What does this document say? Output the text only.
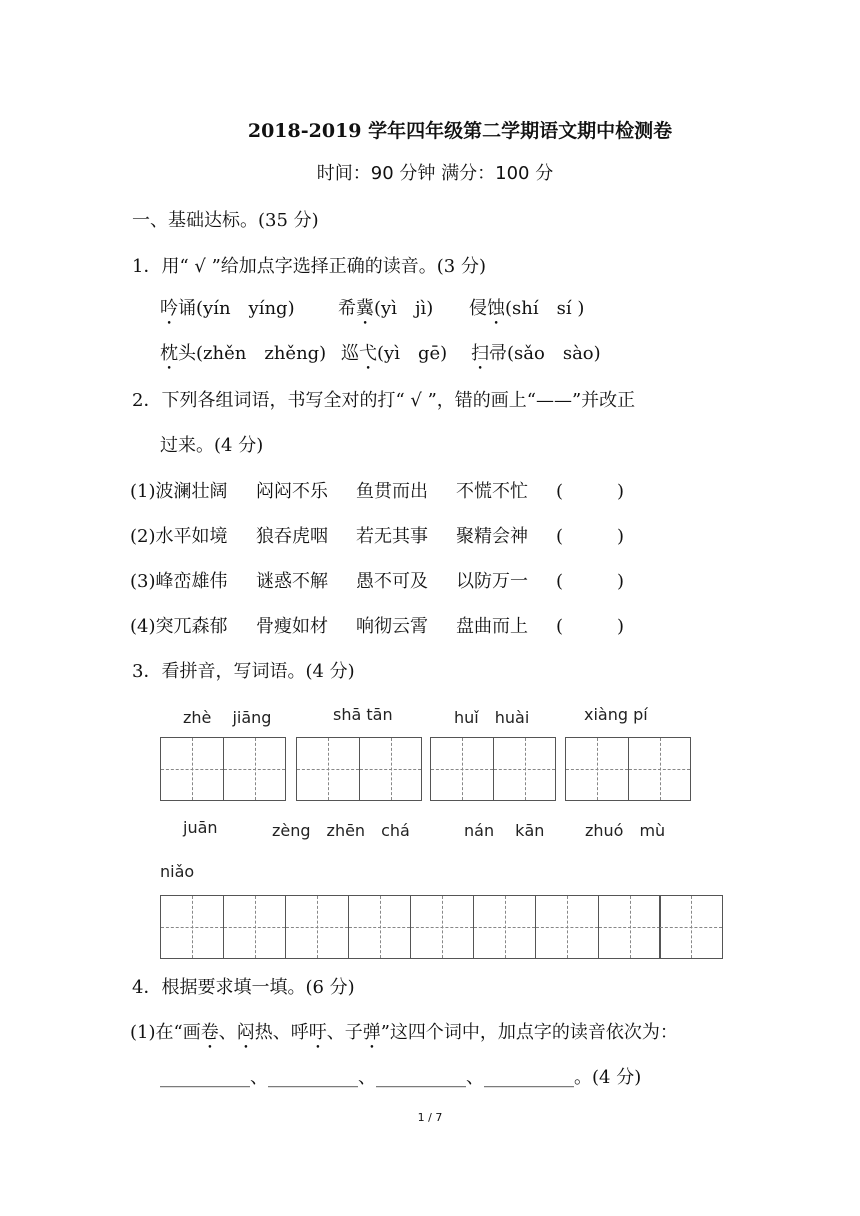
2018-2019 学年四年级第二学期语文期中检测卷
时间：90 分钟 满分：100 分
一、基础达标。(35 分)
1．用“ √ ”给加点字选择正确的读音。(3 分)
吟诵(yín　yíng) 希冀(yì　jì) 侵蚀(shí　sí )
枕头(zhěn　zhěng) 巡弋(yì　gē) 扫帚(sǎo　sào)
2．下列各组词语，书写全对的打“ √ ”，错的画上“——”并改正
过来。(4 分)
(1)波澜壮阔 闷闷不乐 鱼贯而出 不慌不忙 (　　　)
(2)水平如境 狼吞虎咽 若无其事 聚精会神 (　　　)
(3)峰峦雄伟 谜惑不解 愚不可及 以防万一 (　　　)
(4)突兀森郁 骨瘦如材 响彻云霄 盘曲而上 (　　　)
3．看拼音，写词语。(4 分)
zhè　 jiāng	shā tān	huǐ　huài	xiàng pí
juān	zèng　zhēn　chá	nán　 kān	zhuó　mù
niǎo
4．根据要求填一填。(6 分)
(1)在“画卷、闷热、呼吁、子弹”这四个词中，加点字的读音依次为：
__________、__________、__________、__________。(4 分)
1 / 7
